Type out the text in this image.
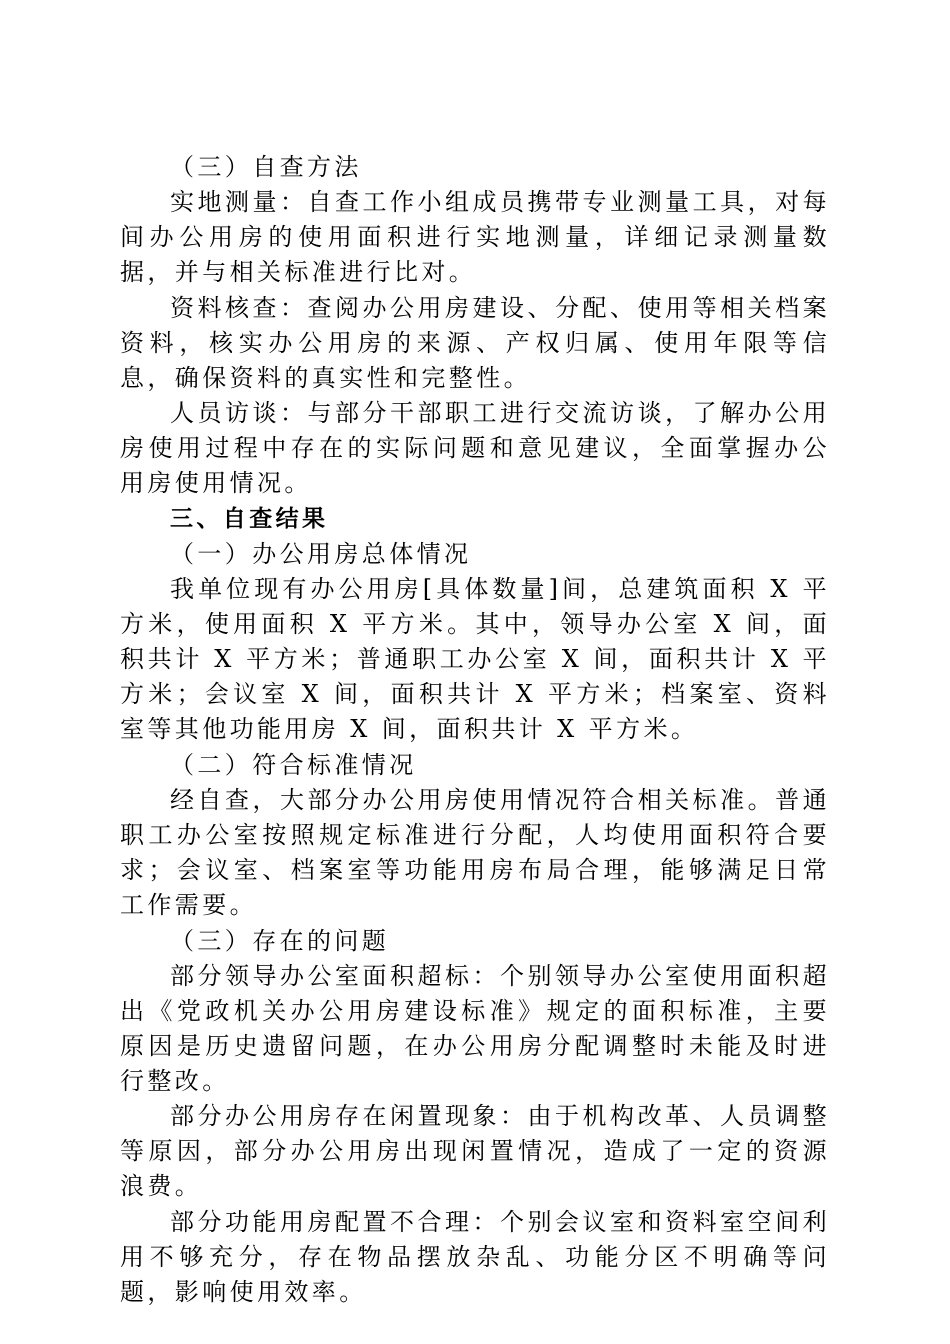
（三）自查方法

实地测量：自查工作小组成员携带专业测量工具，对每间办公用房的使用面积进行实地测量，详细记录测量数据，并与相关标准进行比对。

资料核查：查阅办公用房建设、分配、使用等相关档案资料，核实办公用房的来源、产权归属、使用年限等信息，确保资料的真实性和完整性。

人员访谈：与部分干部职工进行交流访谈，了解办公用房使用过程中存在的实际问题和意见建议，全面掌握办公用房使用情况。

三、自查结果

（一）办公用房总体情况

我单位现有办公用房[具体数量]间，总建筑面积 X 平方米，使用面积 X 平方米。其中，领导办公室 X 间，面积共计 X 平方米；普通职工办公室 X 间，面积共计 X 平方米；会议室 X 间，面积共计 X 平方米；档案室、资料室等其他功能用房 X 间，面积共计 X 平方米。

（二）符合标准情况

经自查，大部分办公用房使用情况符合相关标准。普通职工办公室按照规定标准进行分配，人均使用面积符合要求；会议室、档案室等功能用房布局合理，能够满足日常工作需要。

（三）存在的问题

部分领导办公室面积超标：个别领导办公室使用面积超出《党政机关办公用房建设标准》规定的面积标准，主要原因是历史遗留问题，在办公用房分配调整时未能及时进行整改。

部分办公用房存在闲置现象：由于机构改革、人员调整等原因，部分办公用房出现闲置情况，造成了一定的资源浪费。

部分功能用房配置不合理：个别会议室和资料室空间利用不够充分，存在物品摆放杂乱、功能分区不明确等问题，影响使用效率。
